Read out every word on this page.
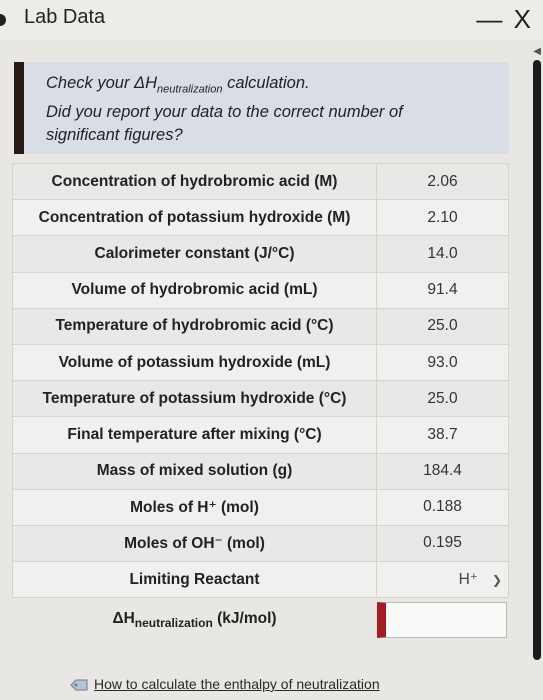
Lab Data	— X
◀
Check your $\Delta H_{neutralization}$ calculation.
Did you report your data to the correct number of
significant figures?
Concentration of hydrobromic acid (M)	2.06
Concentration of potassium hydroxide (M)	2.10
Calorimeter constant (J/°C)	14.0
Volume of hydrobromic acid (mL)	91.4
Temperature of hydrobromic acid (°C)	25.0
Volume of potassium hydroxide (mL)	93.0
Temperature of potassium hydroxide (°C)	25.0
Final temperature after mixing (°C)	38.7
Mass of mixed solution (g)	184.4
Moles of H⁺ (mol)	0.188
Moles of OH⁻ (mol)	0.195
Limiting Reactant	H⁺ ❯
$\Delta H_{neutralization}$ (kJ/mol)	
How to calculate the enthalpy of neutralization
